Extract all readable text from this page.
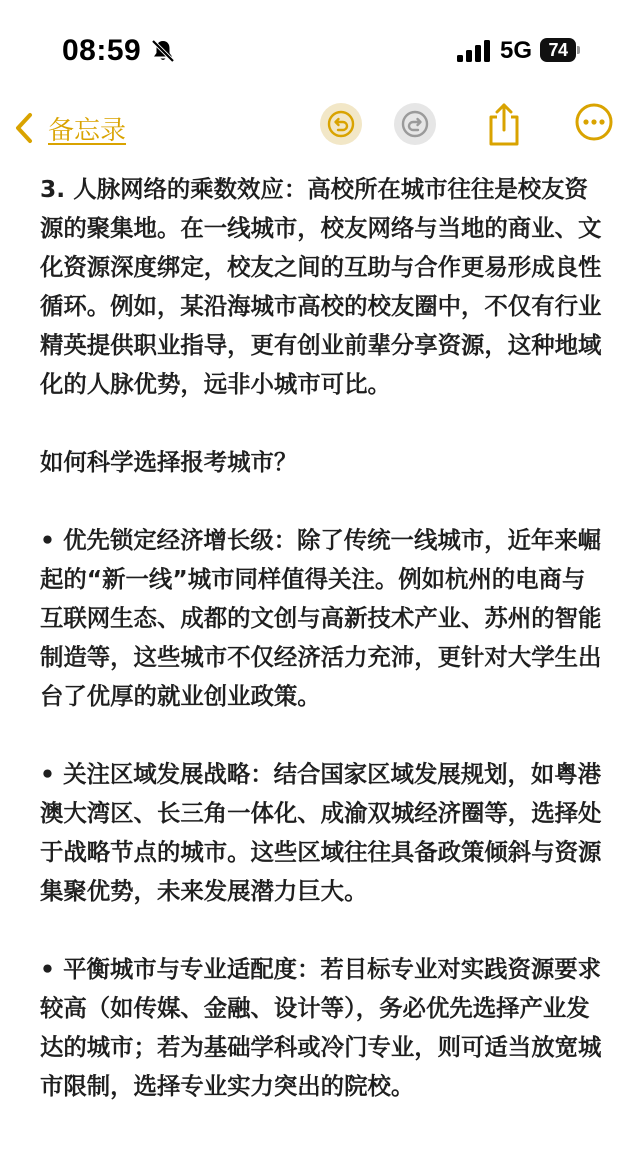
08:59	5G 74
备忘录

3. 人脉网络的乘数效应：高校所在城市往往是校友资源的聚集地。在一线城市，校友网络与当地的商业、文化资源深度绑定，校友之间的互助与合作更易形成良性循环。例如，某沿海城市高校的校友圈中，不仅有行业精英提供职业指导，更有创业前辈分享资源，这种地域化的人脉优势，远非小城市可比。

如何科学选择报考城市？

• 优先锁定经济增长级：除了传统一线城市，近年来崛起的“新一线”城市同样值得关注。例如杭州的电商与互联网生态、成都的文创与高新技术产业、苏州的智能制造等，这些城市不仅经济活力充沛，更针对大学生出台了优厚的就业创业政策。

• 关注区域发展战略：结合国家区域发展规划，如粤港澳大湾区、长三角一体化、成渝双城经济圈等，选择处于战略节点的城市。这些区域往往具备政策倾斜与资源集聚优势，未来发展潜力巨大。

• 平衡城市与专业适配度：若目标专业对实践资源要求较高（如传媒、金融、设计等），务必优先选择产业发达的城市；若为基础学科或冷门专业，则可适当放宽城市限制，选择专业实力突出的院校。
